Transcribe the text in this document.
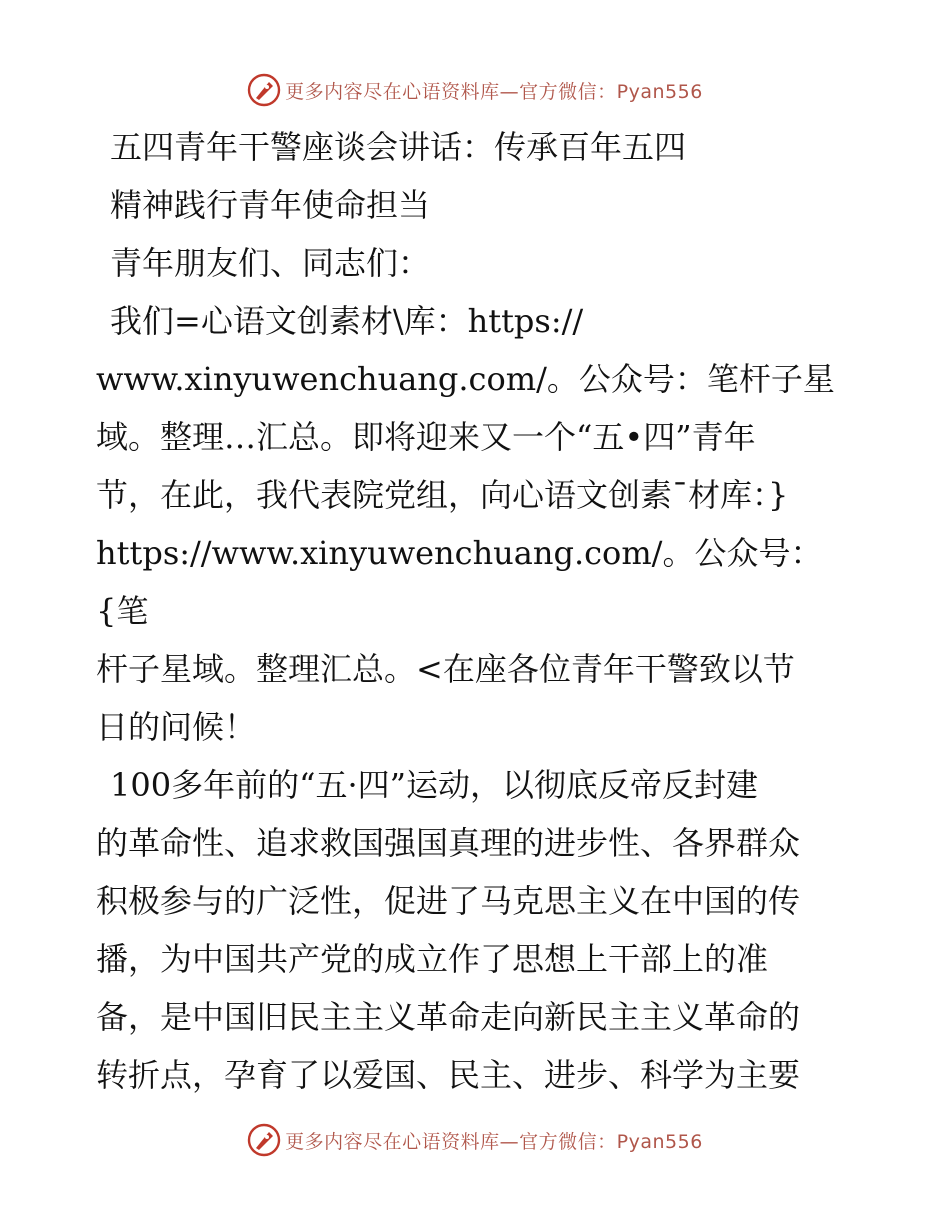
更多内容尽在心语资料库—官方微信：Pyan556

五四青年干警座谈会讲话：传承百年五四

精神践行青年使命担当

青年朋友们、同志们：

我们=心语文创素材\库：https://

www.xinyuwenchuang.com/。公众号：笔杆子星

域。整理…汇总。即将迎来又一个“五•四”青年

节，在此，我代表院党组，向心语文创素¯材库：}

https://www.xinyuwenchuang.com/。公众号：{笔

杆子星域。整理汇总。<在座各位青年干警致以节

日的问候！

100多年前的“五·四”运动，以彻底反帝反封建

的革命性、追求救国强国真理的进步性、各界群众

积极参与的广泛性，促进了马克思主义在中国的传

播，为中国共产党的成立作了思想上干部上的准

备，是中国旧民主主义革命走向新民主主义革命的

转折点，孕育了以爱国、民主、进步、科学为主要

更多内容尽在心语资料库—官方微信：Pyan556
